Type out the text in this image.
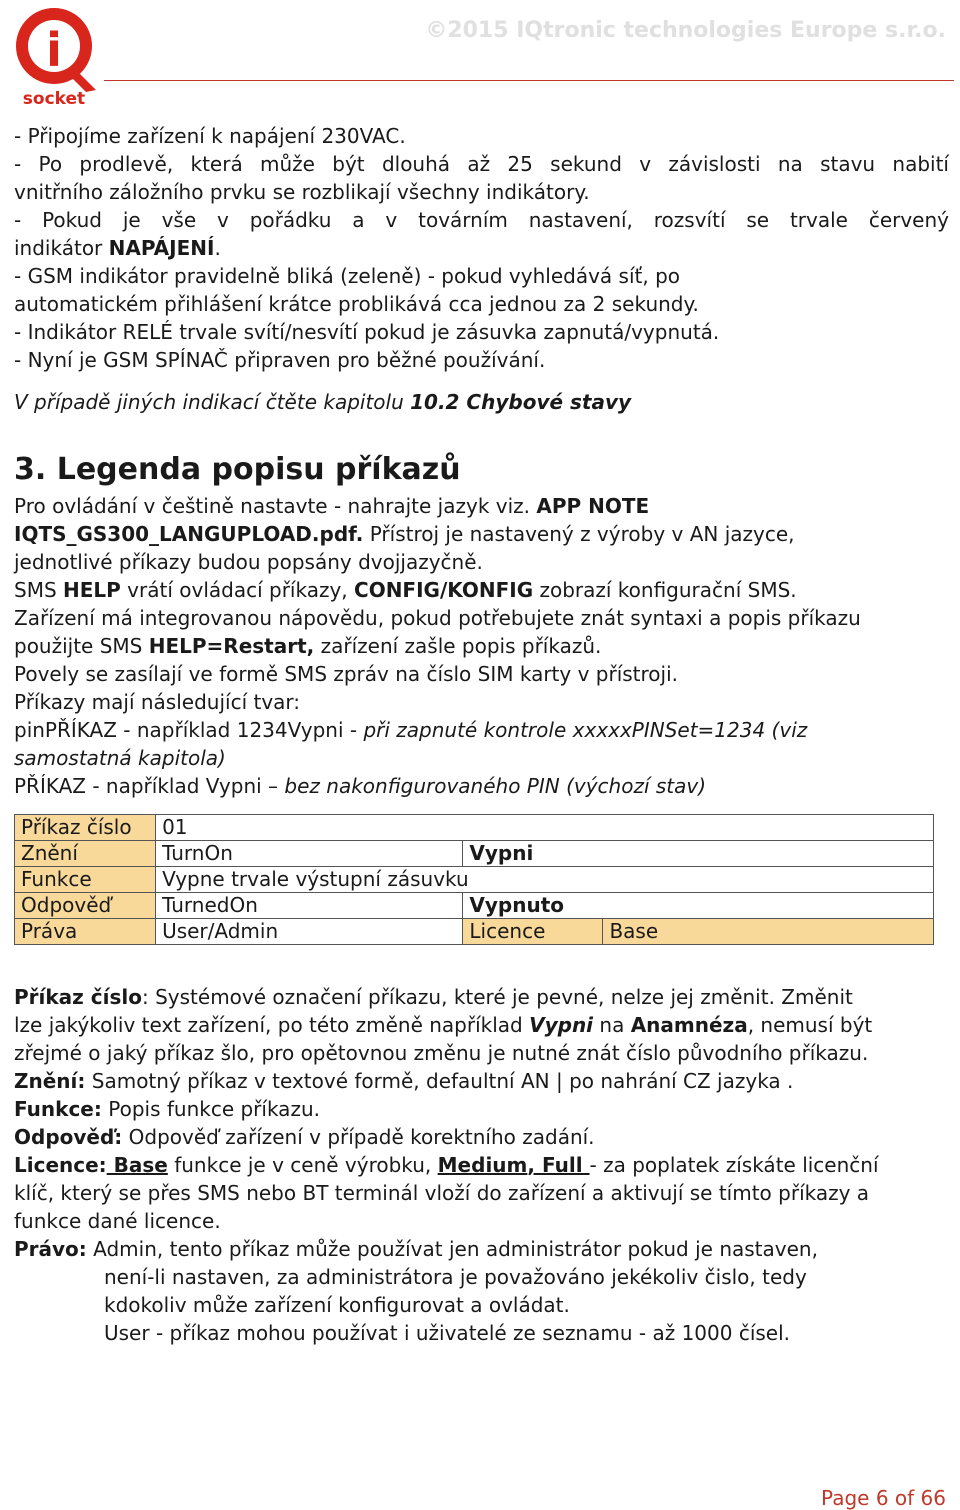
i
socket
©2015 IQtronic technologies Europe s.r.o.

- Připojíme zařízení k napájení 230VAC.

- Po prodlevě, která může být dlouhá až 25 sekund v závislosti na stavu nabití

vnitřního záložního prvku se rozblikají všechny indikátory.

- Pokud je vše v pořádku a v továrním nastavení, rozsvítí se trvale červený

indikátor NAPÁJENÍ.

- GSM indikátor pravidelně bliká (zeleně) - pokud vyhledává síť, po

automatickém přihlášení krátce problikává cca jednou za 2 sekundy.

- Indikátor RELÉ trvale svítí/nesvítí pokud je zásuvka zapnutá/vypnutá.

- Nyní je GSM SPÍNAČ připraven pro běžné používání.

V případě jiných indikací čtěte kapitolu 10.2 Chybové stavy

3. Legenda popisu příkazů

Pro ovládání v češtině nastavte - nahrajte jazyk viz. APP NOTE

IQTS_GS300_LANGUPLOAD.pdf. Přístroj je nastavený z výroby v AN jazyce,

jednotlivé příkazy budou popsány dvojjazyčně.

SMS HELP vrátí ovládací příkazy, CONFIG/KONFIG zobrazí konfigurační SMS.

Zařízení má integrovanou nápovědu, pokud potřebujete znát syntaxi a popis příkazu

použijte SMS HELP=Restart, zařízení zašle popis příkazů.

Povely se zasílají ve formě SMS zpráv na číslo SIM karty v přístroji.

Příkazy mají následující tvar:

pinPŘÍKAZ - například 1234Vypni - při zapnuté kontrole xxxxxPINSet=1234 (viz

samostatná kapitola)

PŘÍKAZ - například Vypni – bez nakonfigurovaného PIN (výchozí stav)

Příkaz číslo	01		
Znění	TurnOn	Vypni	
Funkce	Vypne trvale výstupní zásuvku		
Odpověď	TurnedOn	Vypnuto	
Práva	User/Admin	Licence	Base

Příkaz číslo: Systémové označení příkazu, které je pevné, nelze jej změnit. Změnit

lze jakýkoliv text zařízení, po této změně například Vypni na Anamnéza, nemusí být

zřejmé o jaký příkaz šlo, pro opětovnou změnu je nutné znát číslo původního příkazu.

Znění: Samotný příkaz v textové formě, defaultní AN | po nahrání CZ jazyka .

Funkce: Popis funkce příkazu.

Odpověď: Odpověď zařízení v případě korektního zadání.

Licence: Base funkce je v ceně výrobku, Medium, Full - za poplatek získáte licenční

klíč, který se přes SMS nebo BT terminál vloží do zařízení a aktivují se tímto příkazy a

funkce dané licence.

Právo: Admin, tento příkaz může používat jen administrátor pokud je nastaven,

není-li nastaven, za administrátora je považováno jekékoliv čislo, tedy

kdokoliv může zařízení konfigurovat a ovládat.

User - příkaz mohou používat i uživatelé ze seznamu - až 1000 čísel.

Page 6 of 66
